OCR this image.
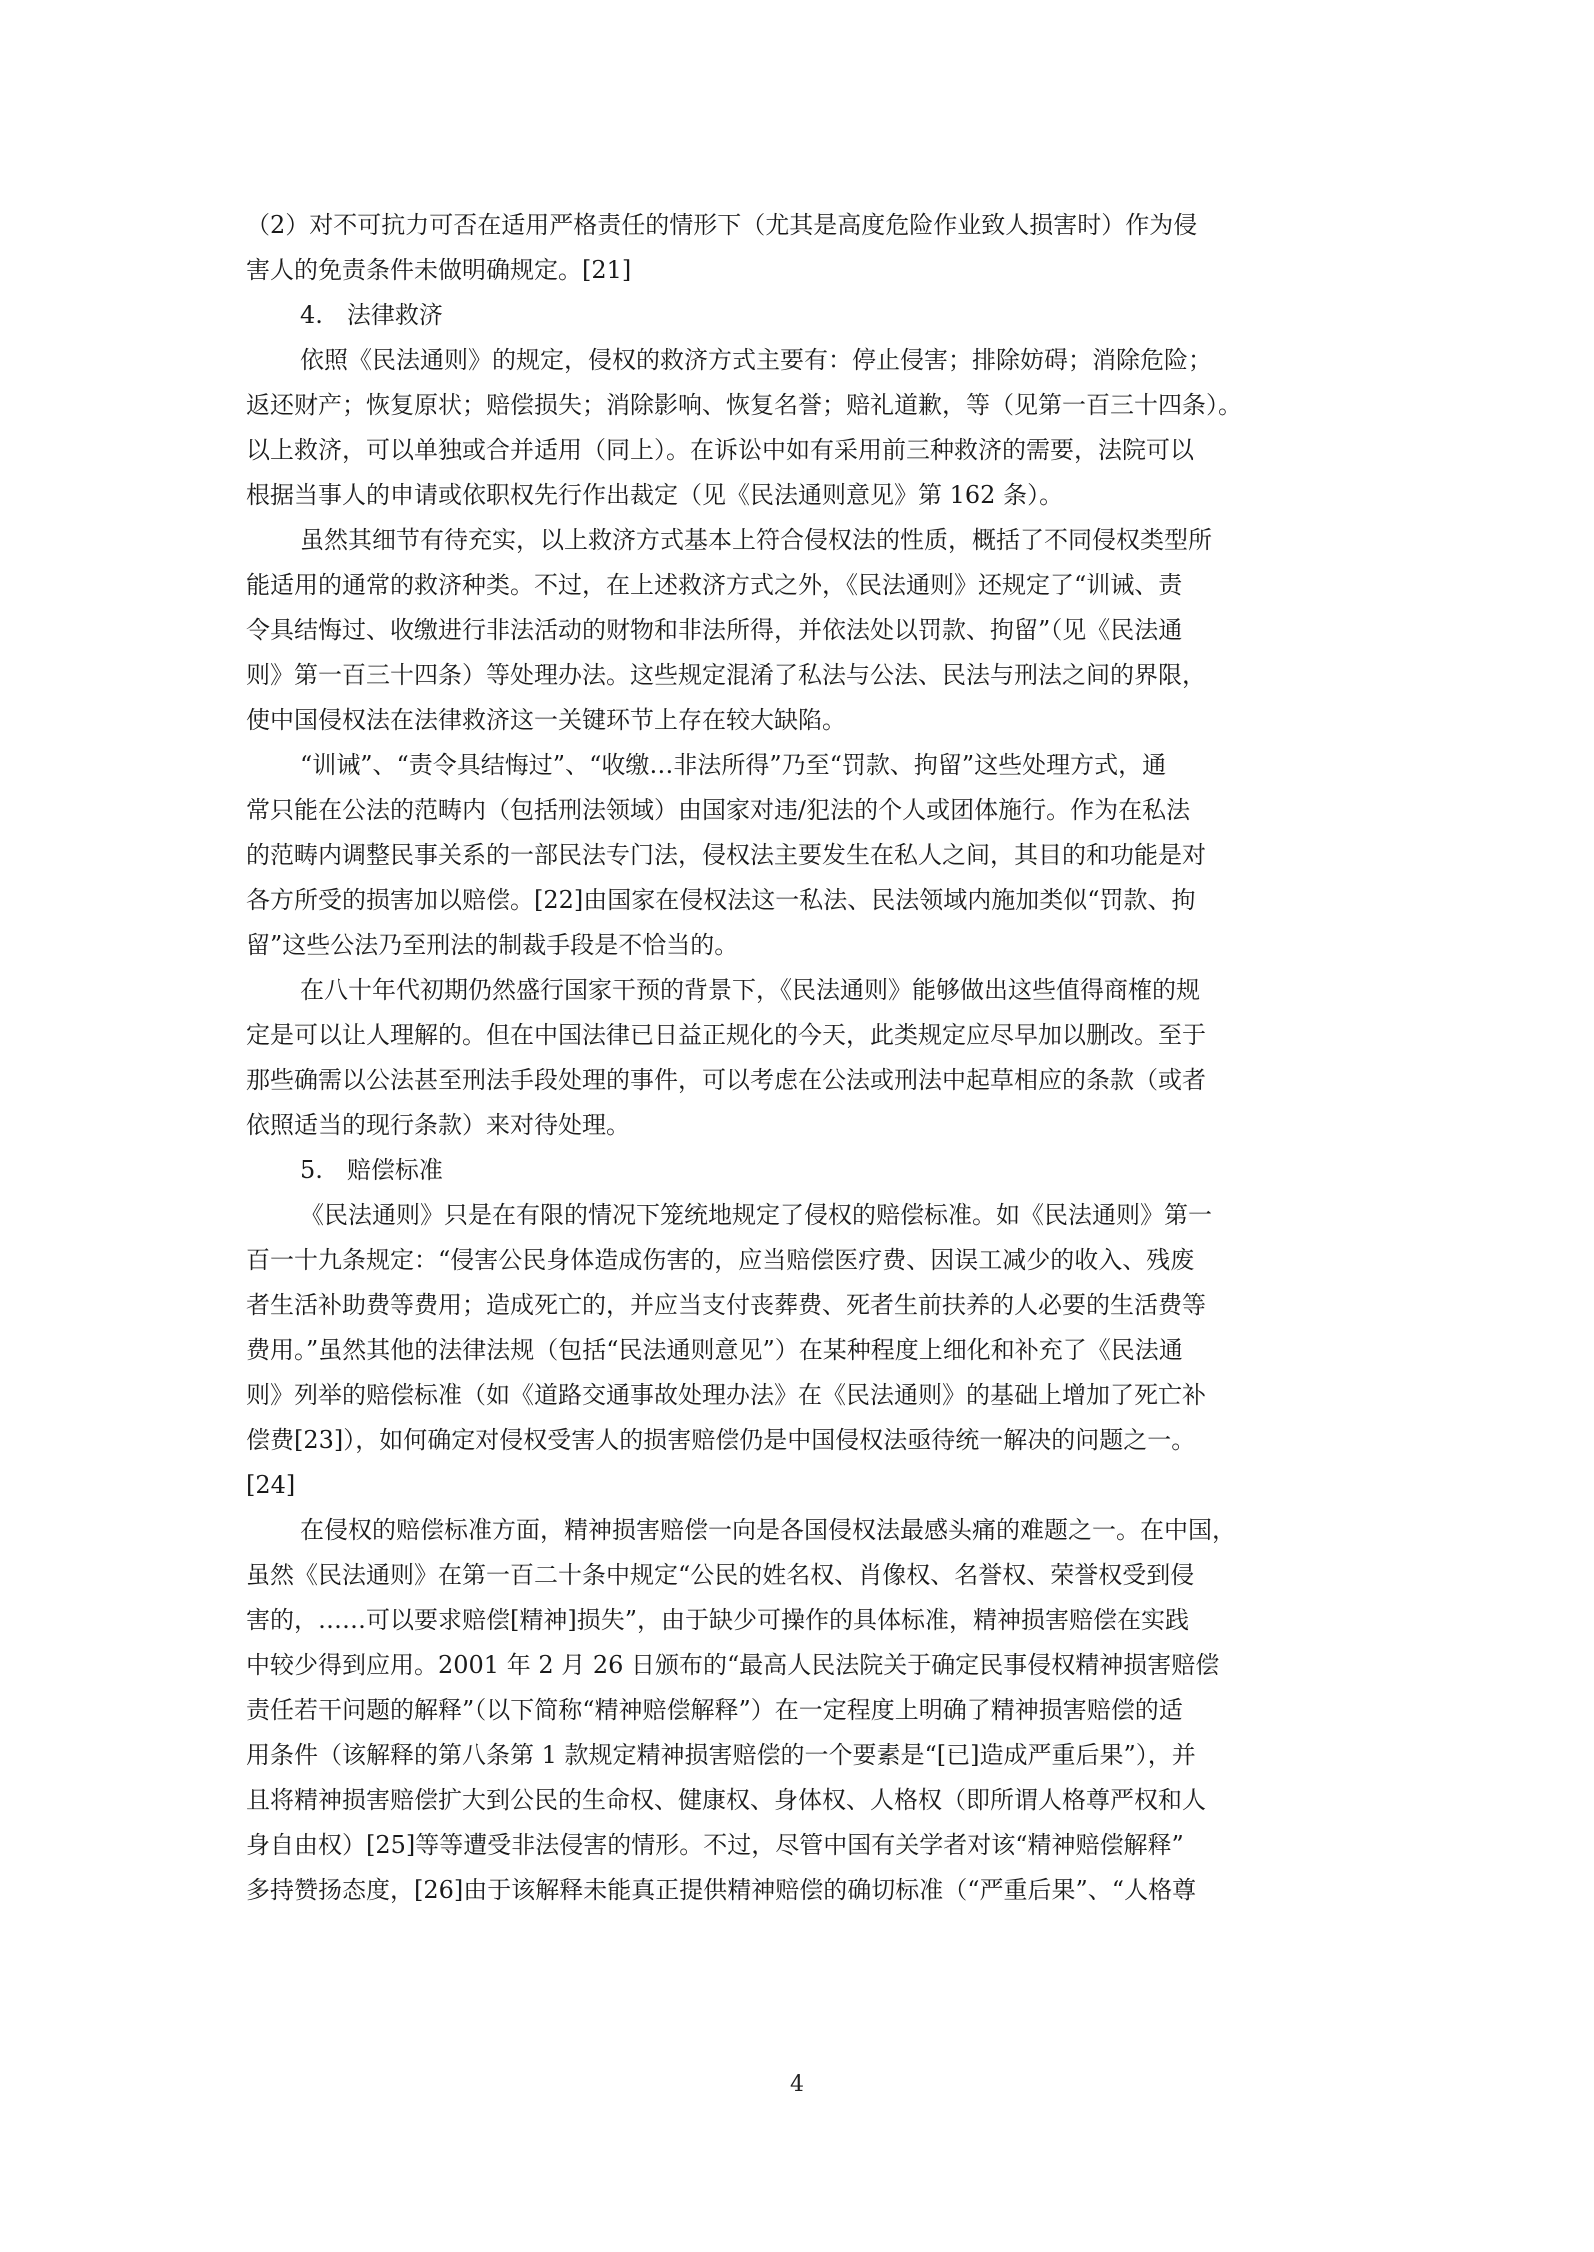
（2）对不可抗力可否在适用严格责任的情形下（尤其是高度危险作业致人损害时）作为侵
害人的免责条件未做明确规定。[21]
4.　法律救济
依照《民法通则》的规定，侵权的救济方式主要有：停止侵害；排除妨碍；消除危险；
返还财产；恢复原状；赔偿损失；消除影响、恢复名誉；赔礼道歉，等（见第一百三十四条）。
以上救济，可以单独或合并适用（同上）。在诉讼中如有采用前三种救济的需要，法院可以
根据当事人的申请或依职权先行作出裁定（见《民法通则意见》第 162 条）。
虽然其细节有待充实，以上救济方式基本上符合侵权法的性质，概括了不同侵权类型所
能适用的通常的救济种类。不过，在上述救济方式之外，《民法通则》还规定了“训诫、责
令具结悔过、收缴进行非法活动的财物和非法所得，并依法处以罚款、拘留”（见《民法通
则》第一百三十四条）等处理办法。这些规定混淆了私法与公法、民法与刑法之间的界限，
使中国侵权法在法律救济这一关键环节上存在较大缺陷。
“训诫”、“责令具结悔过”、“收缴…非法所得”乃至“罚款、拘留”这些处理方式，通
常只能在公法的范畴内（包括刑法领域）由国家对违/犯法的个人或团体施行。作为在私法
的范畴内调整民事关系的一部民法专门法，侵权法主要发生在私人之间，其目的和功能是对
各方所受的损害加以赔偿。[22]由国家在侵权法这一私法、民法领域内施加类似“罚款、拘
留”这些公法乃至刑法的制裁手段是不恰当的。
在八十年代初期仍然盛行国家干预的背景下，《民法通则》能够做出这些值得商榷的规
定是可以让人理解的。但在中国法律已日益正规化的今天，此类规定应尽早加以删改。至于
那些确需以公法甚至刑法手段处理的事件，可以考虑在公法或刑法中起草相应的条款（或者
依照适当的现行条款）来对待处理。
5.　赔偿标准
《民法通则》只是在有限的情况下笼统地规定了侵权的赔偿标准。如《民法通则》第一
百一十九条规定：“侵害公民身体造成伤害的，应当赔偿医疗费、因误工减少的收入、残废
者生活补助费等费用；造成死亡的，并应当支付丧葬费、死者生前扶养的人必要的生活费等
费用。”虽然其他的法律法规（包括“民法通则意见”）在某种程度上细化和补充了《民法通
则》列举的赔偿标准（如《道路交通事故处理办法》在《民法通则》的基础上增加了死亡补
偿费[23]），如何确定对侵权受害人的损害赔偿仍是中国侵权法亟待统一解决的问题之一。
[24]
在侵权的赔偿标准方面，精神损害赔偿一向是各国侵权法最感头痛的难题之一。在中国，
虽然《民法通则》在第一百二十条中规定“公民的姓名权、肖像权、名誉权、荣誉权受到侵
害的，……可以要求赔偿[精神]损失”，由于缺少可操作的具体标准，精神损害赔偿在实践
中较少得到应用。2001 年 2 月 26 日颁布的“最高人民法院关于确定民事侵权精神损害赔偿
责任若干问题的解释”（以下简称“精神赔偿解释”）在一定程度上明确了精神损害赔偿的适
用条件（该解释的第八条第 1 款规定精神损害赔偿的一个要素是“[已]造成严重后果”），并
且将精神损害赔偿扩大到公民的生命权、健康权、身体权、人格权（即所谓人格尊严权和人
身自由权）[25]等等遭受非法侵害的情形。不过，尽管中国有关学者对该“精神赔偿解释”
多持赞扬态度，[26]由于该解释未能真正提供精神赔偿的确切标准（“严重后果”、“人格尊
4
